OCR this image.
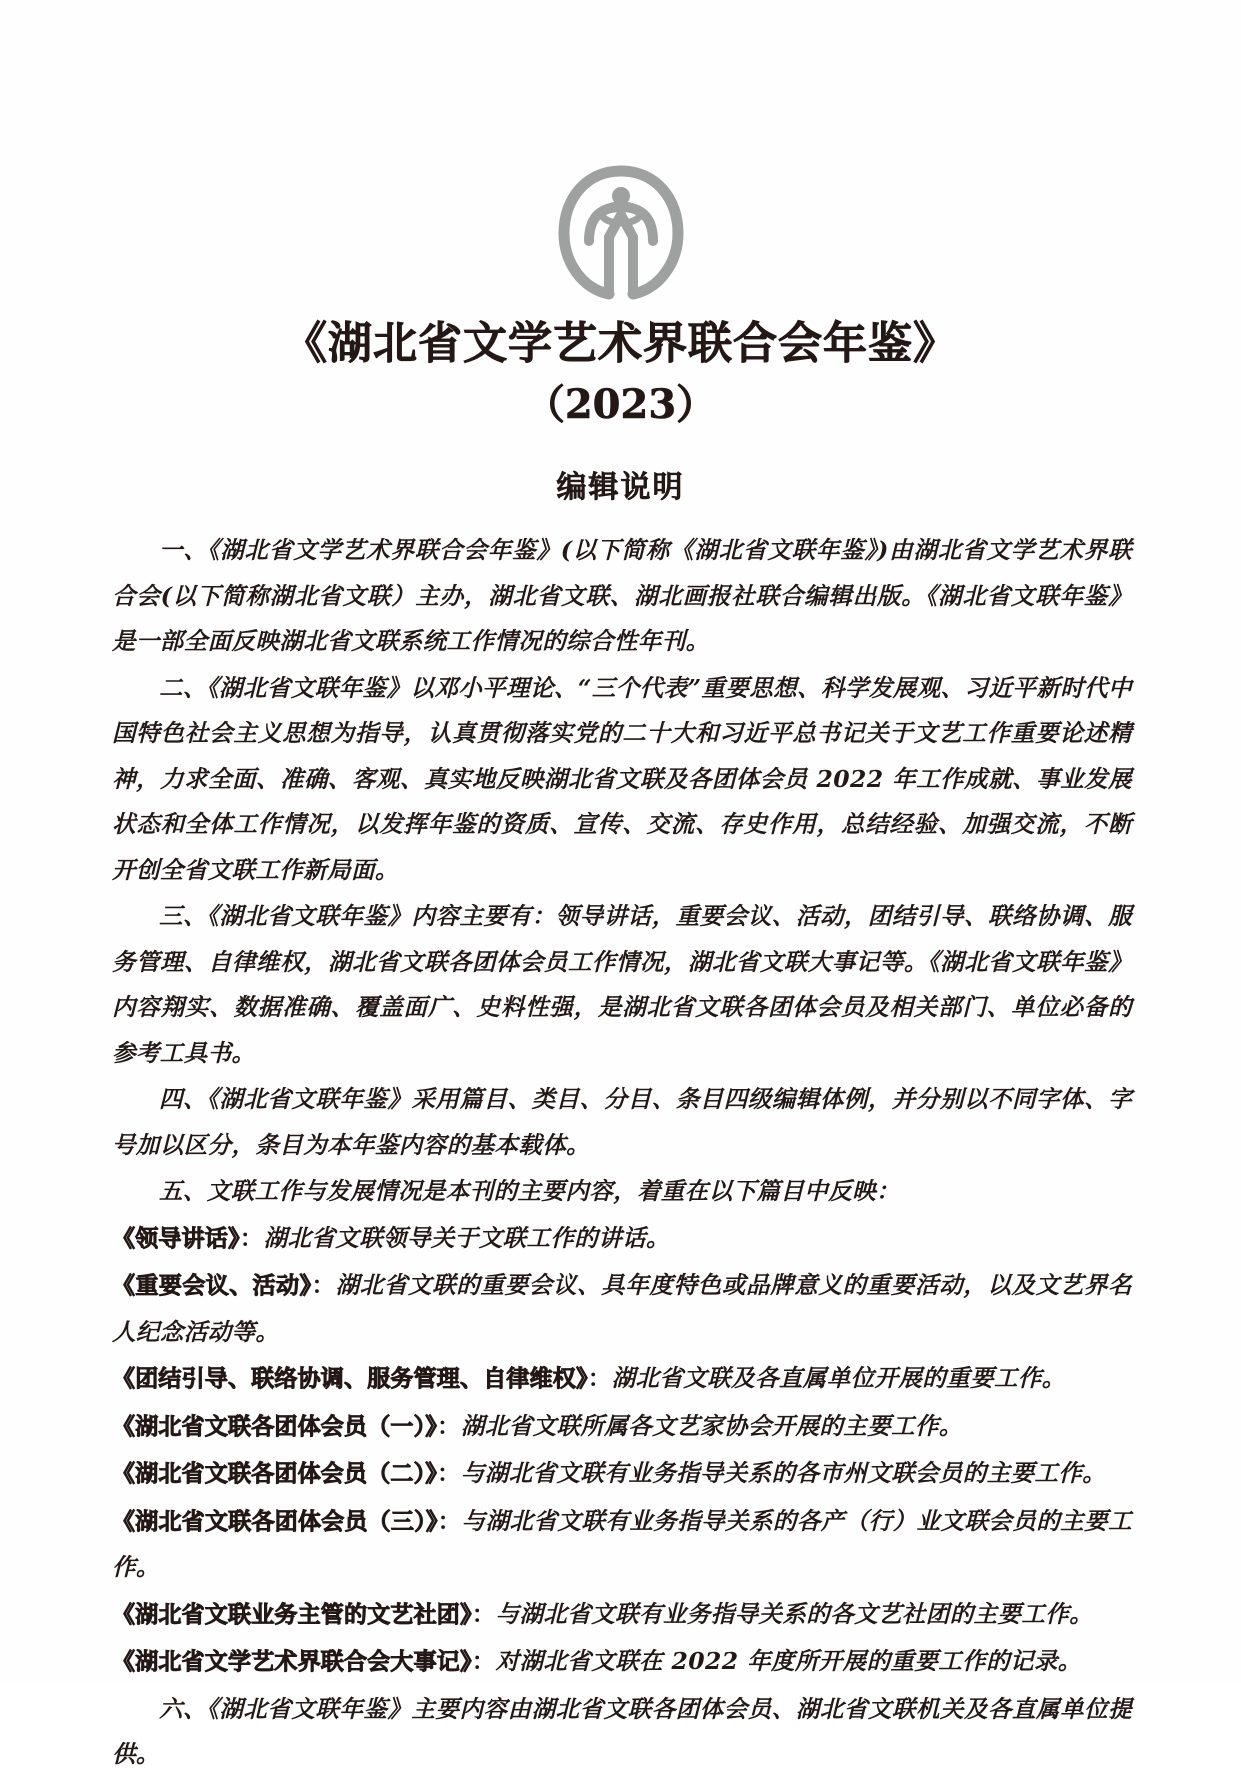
《湖北省文学艺术界联合会年鉴》
（2023）
编辑说明

一、《湖北省文学艺术界联合会年鉴》(以下简称《湖北省文联年鉴》)由湖北省文学艺术界联合会(以下简称湖北省文联）主办，湖北省文联、湖北画报社联合编辑出版。《湖北省文联年鉴》是一部全面反映湖北省文联系统工作情况的综合性年刊。

二、《湖北省文联年鉴》以邓小平理论、“三个代表”重要思想、科学发展观、习近平新时代中国特色社会主义思想为指导，认真贯彻落实党的二十大和习近平总书记关于文艺工作重要论述精神，力求全面、准确、客观、真实地反映湖北省文联及各团体会员 2022 年工作成就、事业发展状态和全体工作情况，以发挥年鉴的资质、宣传、交流、存史作用，总结经验、加强交流，不断开创全省文联工作新局面。

三、《湖北省文联年鉴》内容主要有：领导讲话，重要会议、活动，团结引导、联络协调、服务管理、自律维权，湖北省文联各团体会员工作情况，湖北省文联大事记等。《湖北省文联年鉴》内容翔实、数据准确、覆盖面广、史料性强，是湖北省文联各团体会员及相关部门、单位必备的参考工具书。

四、《湖北省文联年鉴》采用篇目、类目、分目、条目四级编辑体例，并分别以不同字体、字号加以区分，条目为本年鉴内容的基本载体。

五、文联工作与发展情况是本刊的主要内容，着重在以下篇目中反映：

《领导讲话》：湖北省文联领导关于文联工作的讲话。
《重要会议、活动》：湖北省文联的重要会议、具年度特色或品牌意义的重要活动，以及文艺界名人纪念活动等。
《团结引导、联络协调、服务管理、自律维权》：湖北省文联及各直属单位开展的重要工作。
《湖北省文联各团体会员（一）》：湖北省文联所属各文艺家协会开展的主要工作。
《湖北省文联各团体会员（二）》：与湖北省文联有业务指导关系的各市州文联会员的主要工作。
《湖北省文联各团体会员（三）》：与湖北省文联有业务指导关系的各产（行）业文联会员的主要工作。
《湖北省文联业务主管的文艺社团》：与湖北省文联有业务指导关系的各文艺社团的主要工作。
《湖北省文学艺术界联合会大事记》：对湖北省文联在 2022 年度所开展的重要工作的记录。

六、《湖北省文联年鉴》主要内容由湖北省文联各团体会员、湖北省文联机关及各直属单位提供。
